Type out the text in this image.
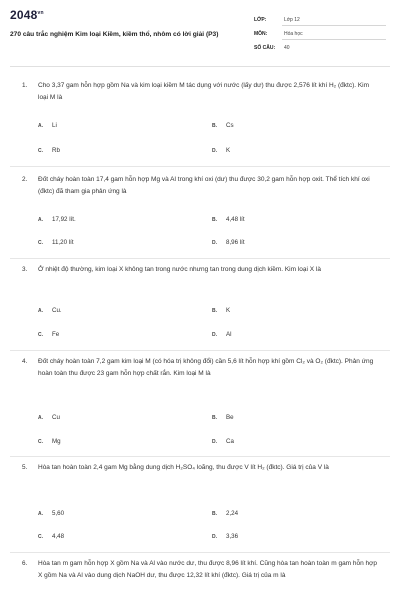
$2048^{vn}$
270 câu trắc nghiệm Kim loại Kiềm, kiềm thổ, nhôm có lời giải (P3)
LỚP:	Lớp 12
MÔN:	Hóa học
SỐ CÂU:	40
1. Cho 3,37 gam hỗn hợp gồm Na và kim loại kiềm M tác dụng với nước (lấy dư) thu được 2,576 lít khí H₂ (đktc). Kim loại M là
A. Li	B. Cs
C. Rb	D. K
2. Đốt cháy hoàn toàn 17,4 gam hỗn hợp Mg và Al trong khí oxi (dư) thu được 30,2 gam hỗn hợp oxit. Thể tích khí oxi (đktc) đã tham gia phản ứng là
A. 17,92 lít.	B. 4,48 lít
C. 11,20 lít	D. 8,96 lít
3. Ở nhiệt độ thường, kim loại X không tan trong nước nhưng tan trong dung dịch kiềm. Kim loại X là
A. Cu.	B. K
C. Fe	D. Al
4. Đốt cháy hoàn toàn 7,2 gam kim loại M (có hóa trị không đổi) cần 5,6 lít hỗn hợp khí gồm Cl₂ và O₂ (đktc). Phản ứng hoàn toàn thu được 23 gam hỗn hợp chất rắn. Kim loại M là
A. Cu	B. Be
C. Mg	D. Ca
5. Hòa tan hoàn toàn 2,4 gam Mg bằng dung dịch H₂SO₄ loãng, thu được V lít H₂ (đktc). Giá trị của V là
A. 5,60	B. 2,24
C. 4,48	D. 3,36
6. Hòa tan m gam hỗn hợp X gồm Na và Al vào nước dư, thu được 8,96 lít khí. Cũng hòa tan hoàn toàn m gam hỗn hợp X gồm Na và Al vào dung dịch NaOH dư, thu được 12,32 lít khí (đktc). Giá trị của m là
